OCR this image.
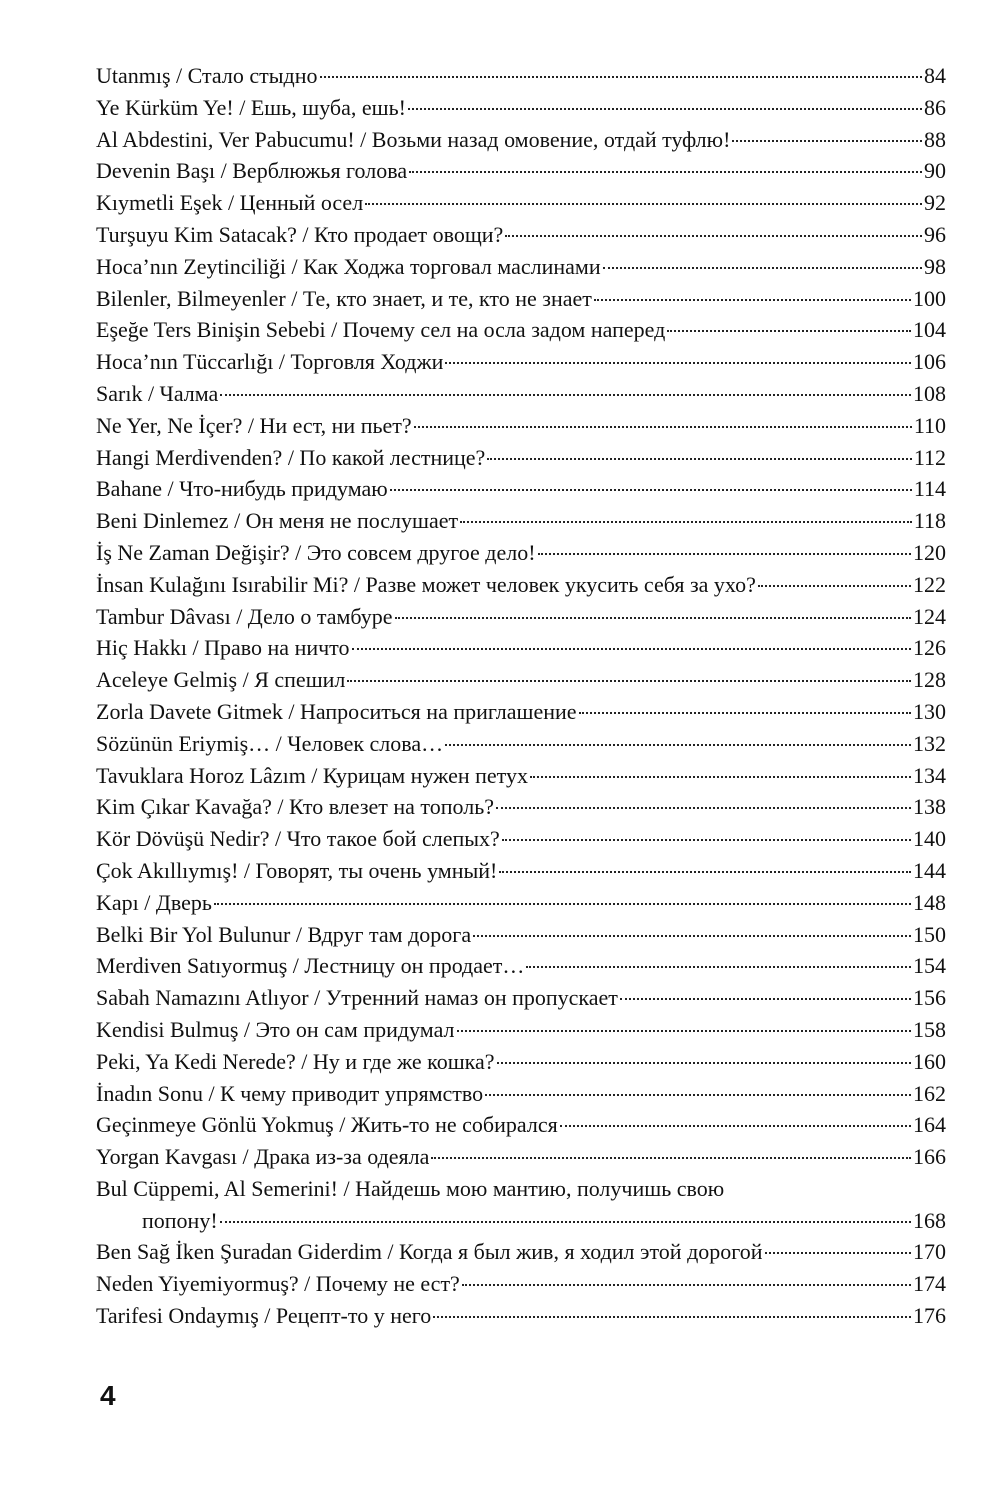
Utanmış / Стало стыдно	84
Ye Kürküm Ye! / Ешь, шуба, ешь!	86
Al Abdestini, Ver Pabucumu! / Возьми назад омовение, отдай туфлю!	88
Devenin Başı / Верблюжья голова	90
Kıymetli Eşek / Ценный осел	92
Turşuyu Kim Satacak? / Кто продает овощи?	96
Hoca’nın Zeytinciliği / Как Ходжа торговал маслинами	98
Bilenler, Bilmeyenler / Те, кто знает, и те, кто не знает	100
Eşeğe Ters Binişin Sebebi / Почему сел на осла задом наперед	104
Hoca’nın Tüccarlığı / Торговля Ходжи	106
Sarık / Чалма	108
Ne Yer, Ne İçer? / Ни ест, ни пьет?	110
Hangi Merdivenden? / По какой лестнице?	112
Bahane / Что-нибудь придумаю	114
Beni Dinlemez / Он меня не послушает	118
İş Ne Zaman Değişir? / Это совсем другое дело!	120
İnsan Kulağını Isırabilir Mi? / Разве может человек укусить себя за ухо?	122
Tambur Dâvası / Дело о тамбуре	124
Hiç Hakkı / Право на ничто	126
Aceleye Gelmiş / Я спешил	128
Zorla Davete Gitmek / Напроситься на приглашение	130
Sözünün Eriymiş… / Человек слова…	132
Tavuklara Horoz Lâzım / Курицам нужен петух	134
Kim Çıkar Kavağa? / Кто влезет на тополь?	138
Kör Dövüşü Nedir? / Что такое бой слепых?	140
Çok Akıllıymış! / Говорят, ты очень умный!	144
Kapı / Дверь	148
Belki Bir Yol Bulunur / Вдруг там дорога	150
Merdiven Satıyormuş / Лестницу он продает…	154
Sabah Namazını Atlıyor / Утренний намаз он пропускает	156
Kendisi Bulmuş / Это он сам придумал	158
Peki, Ya Kedi Nerede? / Ну и где же кошка?	160
İnadın Sonu / К чему приводит упрямство	162
Geçinmeye Gönlü Yokmuş / Жить-то не собирался	164
Yorgan Kavgası / Драка из-за одеяла	166
Bul Cüppemi, Al Semerini! / Найдешь мою мантию, получишь свою
попону!	168
Ben Sağ İken Şuradan Giderdim / Когда я был жив, я ходил этой дорогой	170
Neden Yiyemiyormuş? / Почему не ест?	174
Tarifesi Ondaymış / Рецепт-то у него	176
4
